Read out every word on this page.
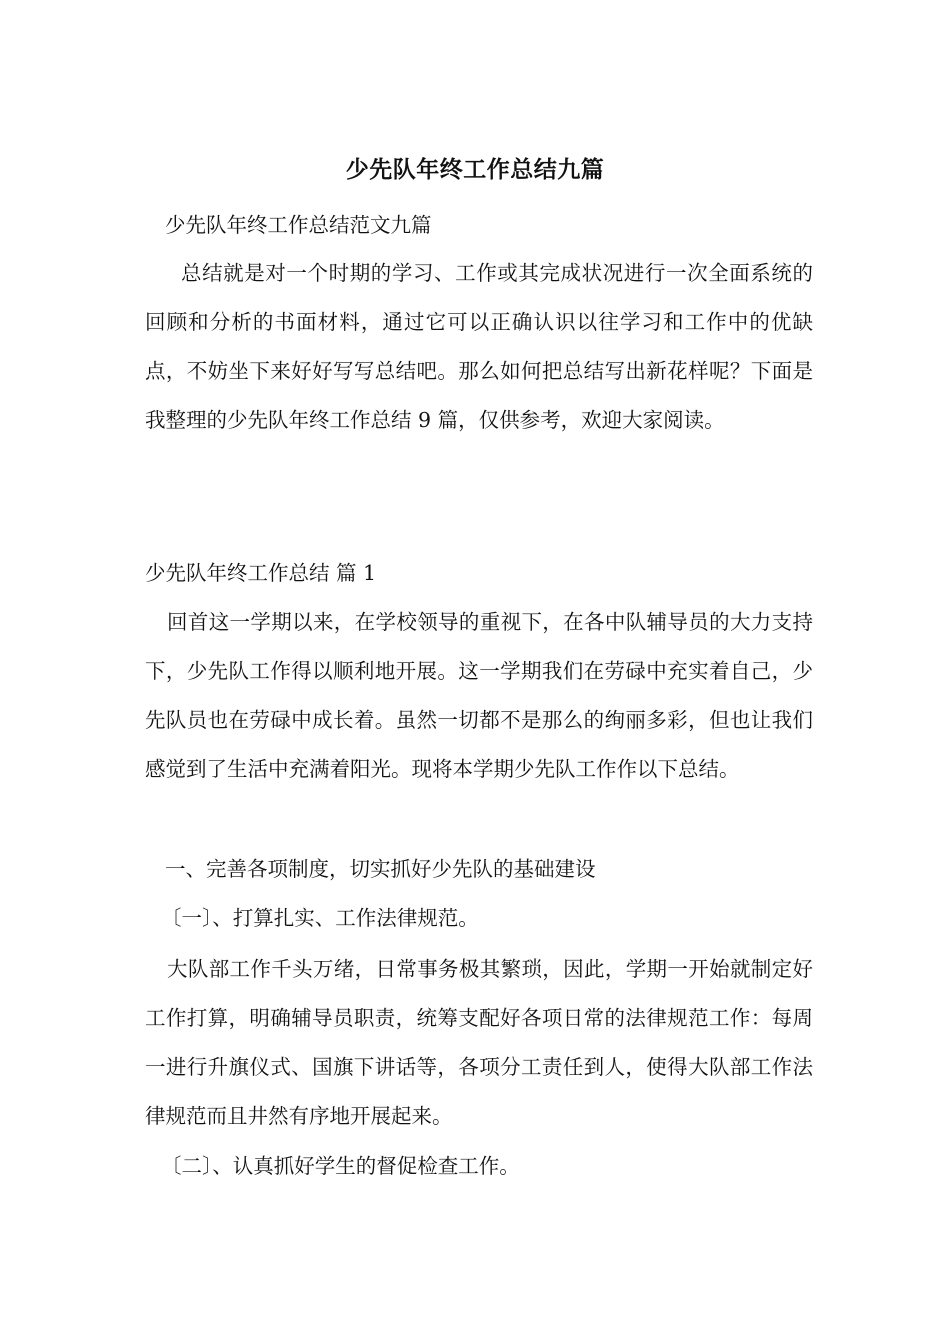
少先队年终工作总结九篇

少先队年终工作总结范文九篇

总结就是对一个时期的学习、工作或其完成状况进行一次全面系统的回顾和分析的书面材料，通过它可以正确认识以往学习和工作中的优缺点，不妨坐下来好好写写总结吧。那么如何把总结写出新花样呢？下面是我整理的少先队年终工作总结 9 篇，仅供参考，欢迎大家阅读。

少先队年终工作总结 篇 1

回首这一学期以来，在学校领导的重视下，在各中队辅导员的大力支持下，少先队工作得以顺利地开展。这一学期我们在劳碌中充实着自己，少先队员也在劳碌中成长着。虽然一切都不是那么的绚丽多彩，但也让我们感觉到了生活中充满着阳光。现将本学期少先队工作作以下总结。

一、完善各项制度，切实抓好少先队的基础建设

〔一〕、打算扎实、工作法律规范。

大队部工作千头万绪，日常事务极其繁琐，因此，学期一开始就制定好工作打算，明确辅导员职责，统筹支配好各项日常的法律规范工作：每周一进行升旗仪式、国旗下讲话等，各项分工责任到人，使得大队部工作法律规范而且井然有序地开展起来。

〔二〕、认真抓好学生的督促检查工作。
